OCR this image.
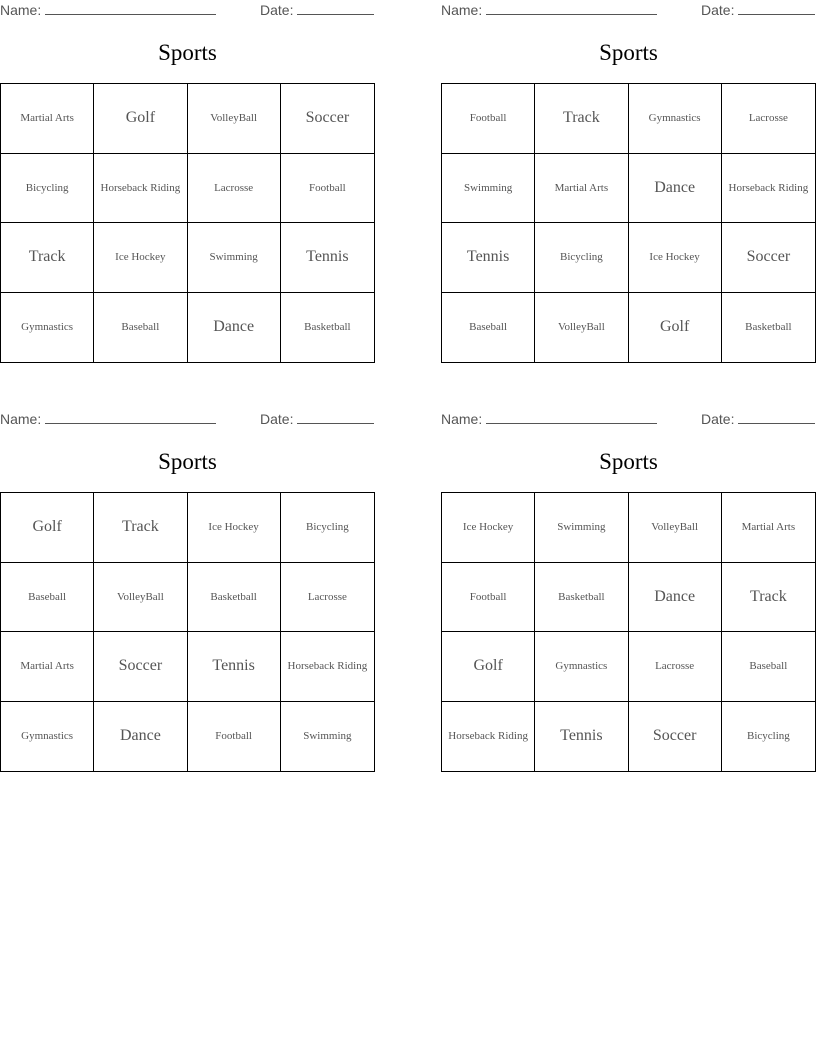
Name:	Date:
Sports
Martial Arts	Golf	VolleyBall	Soccer
Bicycling	Horseback Riding	Lacrosse	Football
Track	Ice Hockey	Swimming	Tennis
Gymnastics	Baseball	Dance	Basketball
Name:	Date:
Sports
Football	Track	Gymnastics	Lacrosse
Swimming	Martial Arts	Dance	Horseback Riding
Tennis	Bicycling	Ice Hockey	Soccer
Baseball	VolleyBall	Golf	Basketball
Name:	Date:
Sports
Golf	Track	Ice Hockey	Bicycling
Baseball	VolleyBall	Basketball	Lacrosse
Martial Arts	Soccer	Tennis	Horseback Riding
Gymnastics	Dance	Football	Swimming
Name:	Date:
Sports
Ice Hockey	Swimming	VolleyBall	Martial Arts
Football	Basketball	Dance	Track
Golf	Gymnastics	Lacrosse	Baseball
Horseback Riding	Tennis	Soccer	Bicycling
